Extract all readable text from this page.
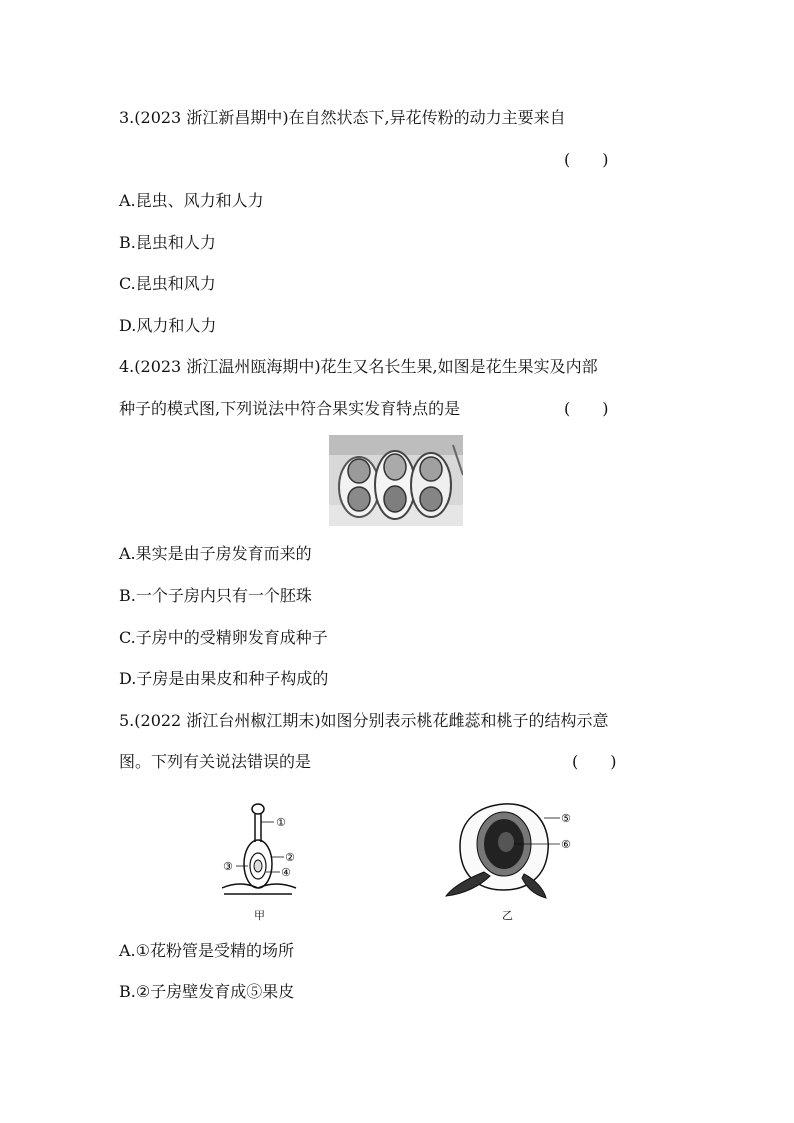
3.(2023 浙江新昌期中)在自然状态下,异花传粉的动力主要来自
(　　)
A.昆虫、风力和人力
B.昆虫和人力
C.昆虫和风力
D.风力和人力
4.(2023 浙江温州瓯海期中)花生又名长生果,如图是花生果实及内部
种子的模式图,下列说法中符合果实发育特点的是	(　　)
A.果实是由子房发育而来的
B.一个子房内只有一个胚珠
C.子房中的受精卵发育成种子
D.子房是由果皮和种子构成的
5.(2022 浙江台州椒江期末)如图分别表示桃花雌蕊和桃子的结构示意
图。下列有关说法错误的是	(　　)
①
②
③	④
甲
⑤
⑥
乙
A.①花粉管是受精的场所
B.②子房壁发育成⑤果皮
